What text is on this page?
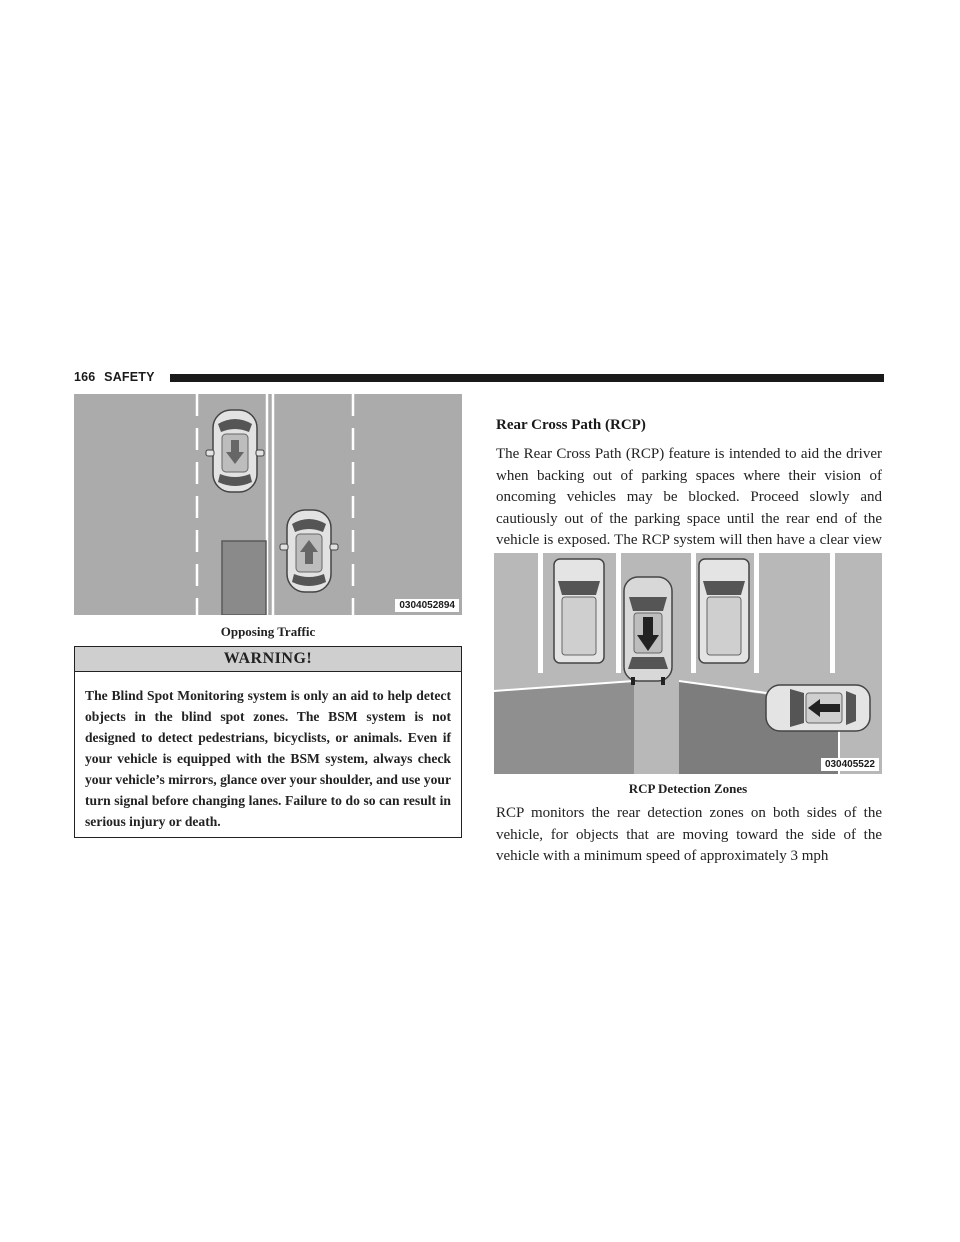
166 SAFETY
0304052894
Opposing Traffic
WARNING!
The Blind Spot Monitoring system is only an aid to help detect objects in the blind spot zones. The BSM system is not designed to detect pedestrians, bicyclists, or animals. Even if your vehicle is equipped with the BSM system, always check your vehicle’s mirrors, glance over your shoulder, and use your turn signal before changing lanes. Failure to do so can result in serious injury or death.
Rear Cross Path (RCP)
The Rear Cross Path (RCP) feature is intended to aid the driver when backing out of parking spaces where their vision of oncoming vehicles may be blocked. Proceed slowly and cautiously out of the parking space until the rear end of the vehicle is exposed. The RCP system will then have a clear view
030405522
RCP Detection Zones
RCP monitors the rear detection zones on both sides of the vehicle, for objects that are moving toward the side of the vehicle with a minimum speed of approximately 3 mph
